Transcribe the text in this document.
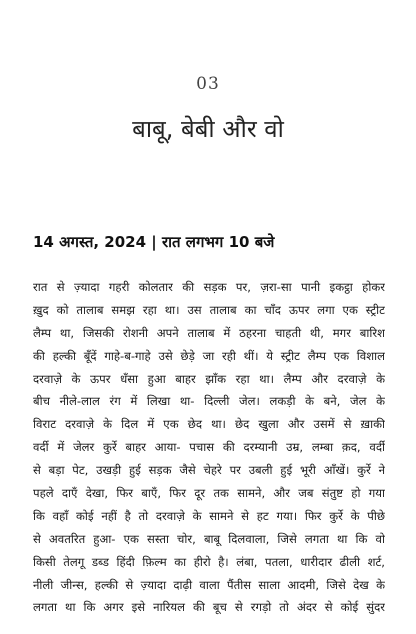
03
बाबू, बेबी और वो
14 अगस्त, 2024 | रात लगभग 10 बजे
रात से ज़्यादा गहरी कोलतार की सड़क पर, ज़रा-सा पानी इकट्ठा होकर
ख़ुद को तालाब समझ रहा था। उस तालाब का चाँद ऊपर लगा एक स्ट्रीट
लैम्प था, जिसकी रोशनी अपने तालाब में ठहरना चाहती थी, मगर बारिश
की हल्की बूँदें गाहे-ब-गाहे उसे छेड़े जा रही थीं। ये स्ट्रीट लैम्प एक विशाल
दरवाज़े के ऊपर धँसा हुआ बाहर झाँक रहा था। लैम्प और दरवाज़े के
बीच नीले-लाल रंग में लिखा था- दिल्ली जेल। लकड़ी के बने, जेल के
विराट दरवाज़े के दिल में एक छेद था। छेद खुला और उसमें से ख़ाकी
वर्दी में जेलर कुर्रे बाहर आया- पचास की दरम्यानी उम्र, लम्बा क़द, वर्दी
से बड़ा पेट, उखड़ी हुई सड़क जैसे चेहरे पर उबली हुई भूरी आँखें। कुर्रे ने
पहले दाएँ देखा, फिर बाएँ, फिर दूर तक सामने, और जब संतुष्ट हो गया
कि वहाँ कोई नहीं है तो दरवाज़े के सामने से हट गया। फिर कुर्रे के पीछे
से अवतरित हुआ- एक सस्ता चोर, बाबू दिलवाला, जिसे लगता था कि वो
किसी तेलगू डब्ड हिंदी फ़िल्म का हीरो है। लंबा, पतला, धारीदार ढीली शर्ट,
नीली जीन्स, हल्की से ज़्यादा दाढ़ी वाला पैंतीस साला आदमी, जिसे देख के
लगता था कि अगर इसे नारियल की बूच से रगड़ो तो अंदर से कोई सुंदर
